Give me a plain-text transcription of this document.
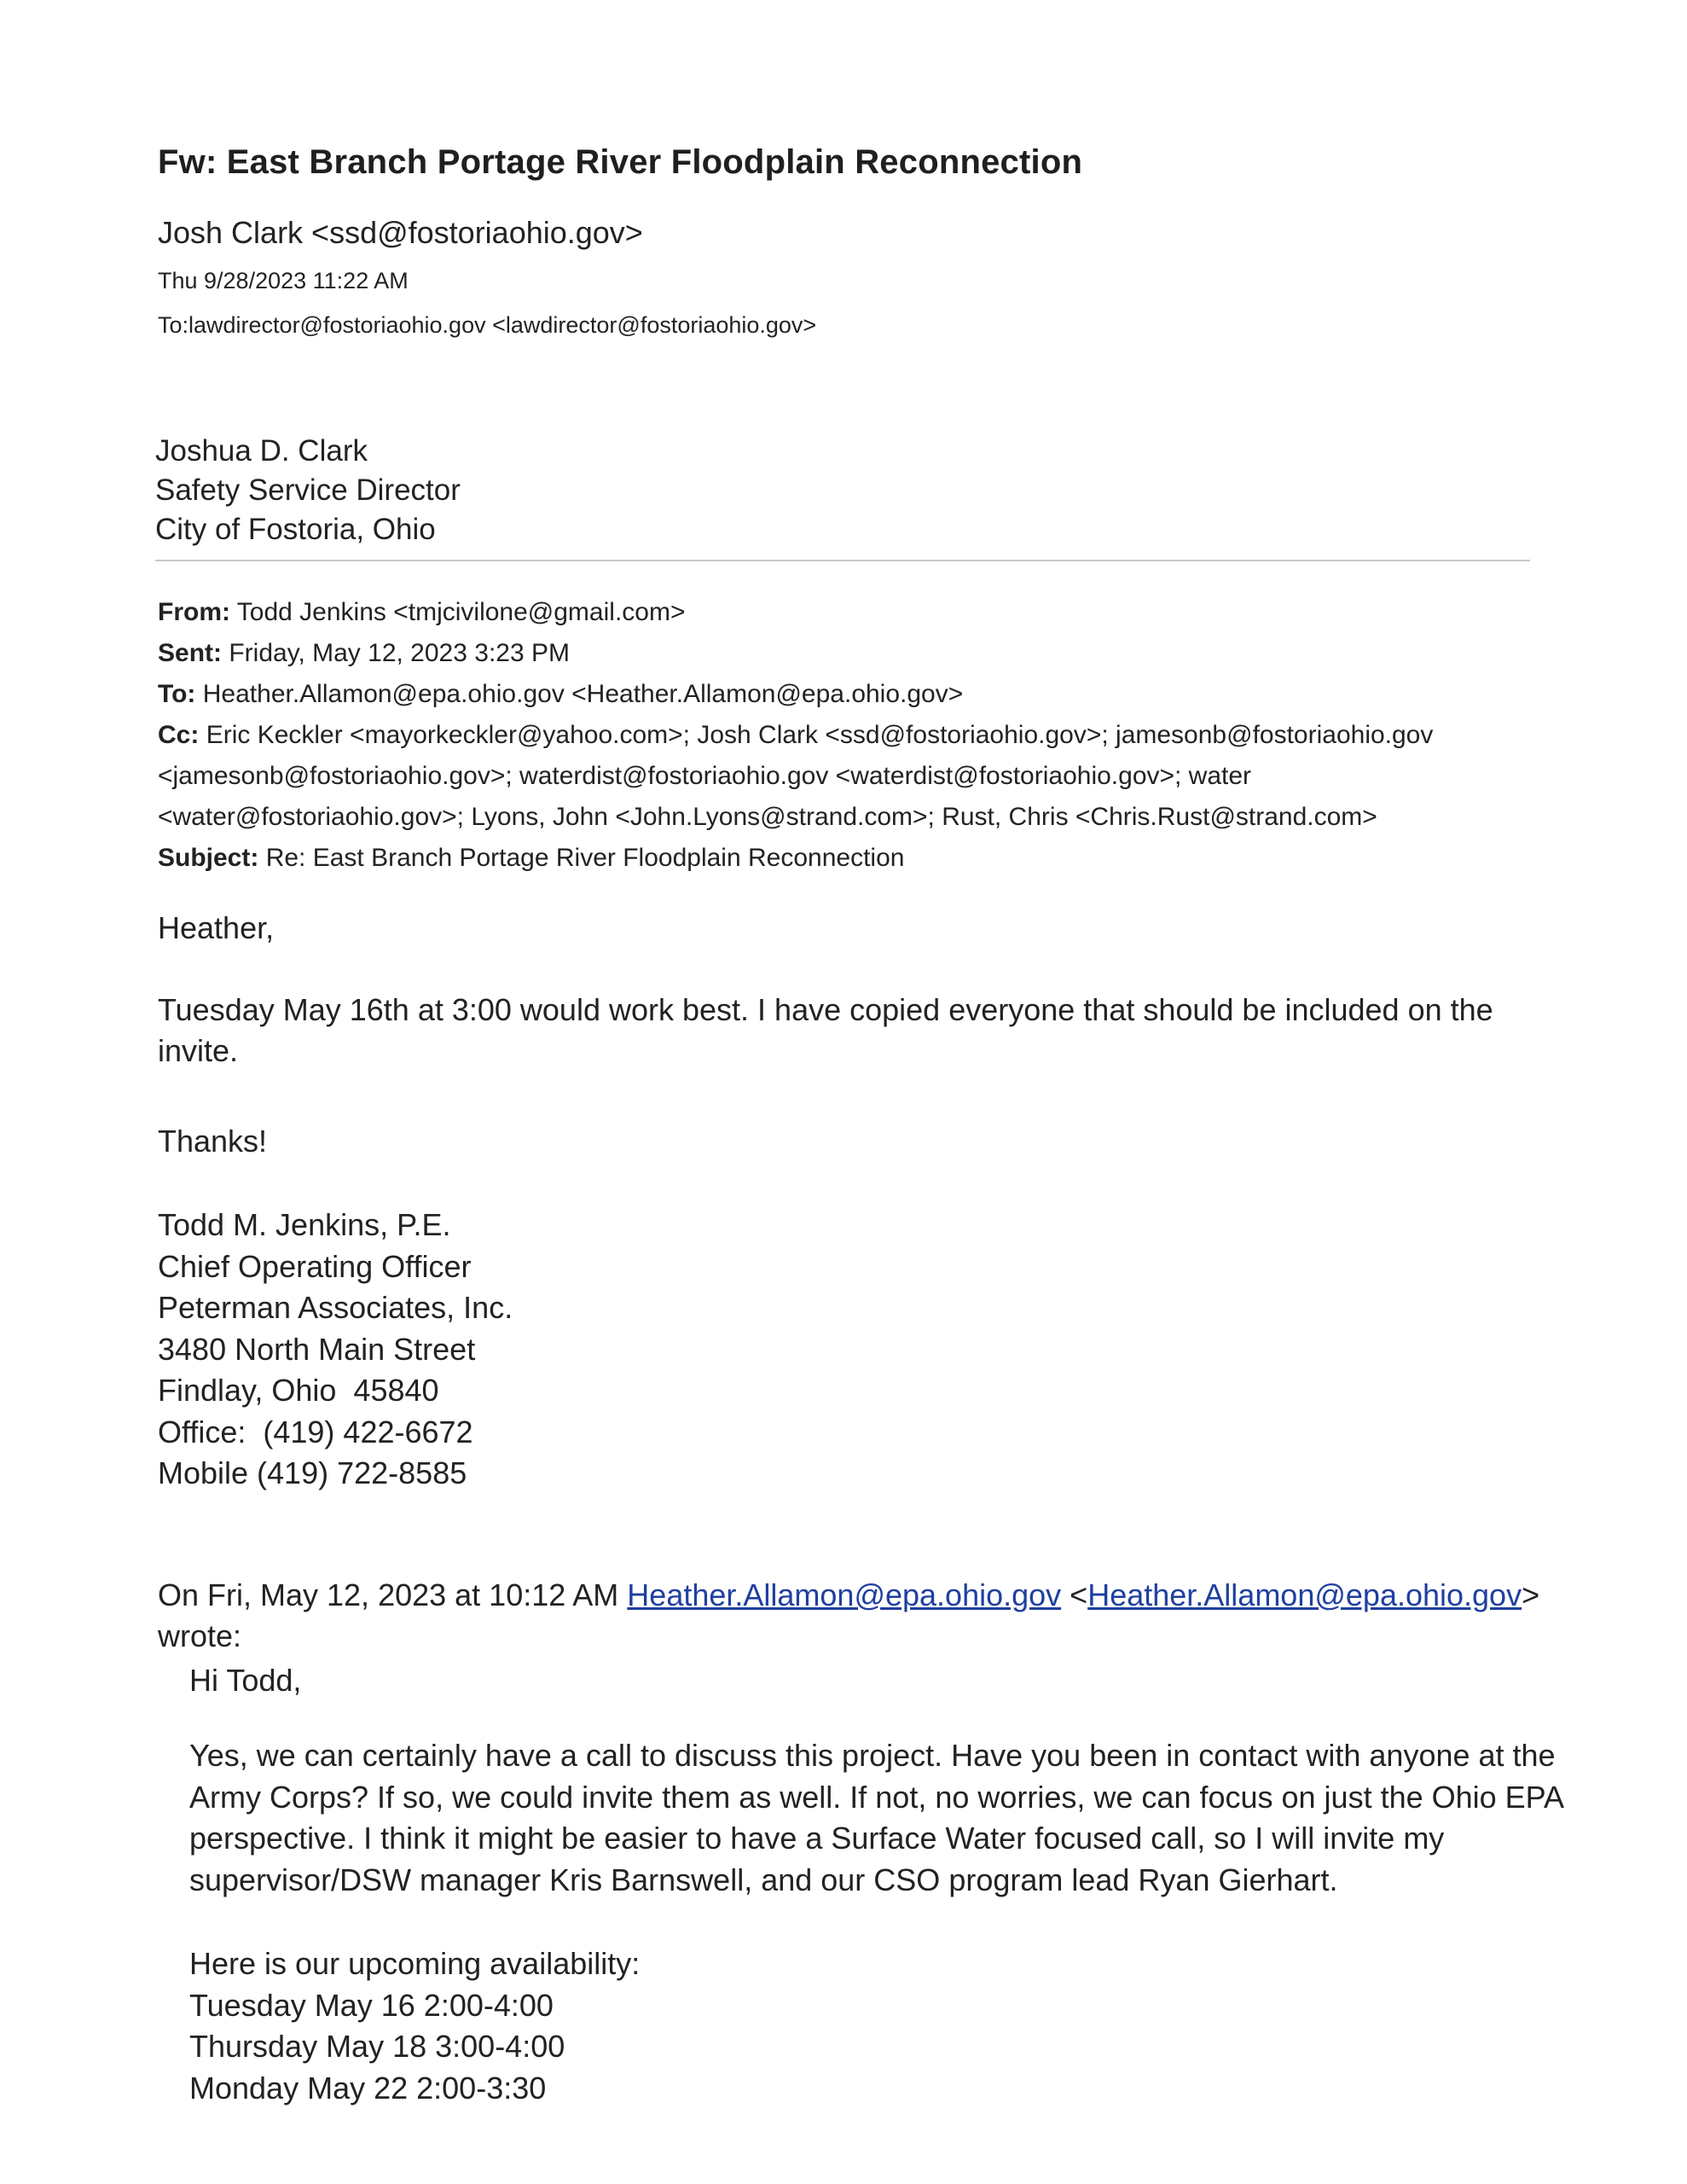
Fw: East Branch Portage River Floodplain Reconnection
Josh Clark <ssd@fostoriaohio.gov>
Thu 9/28/2023 11:22 AM
To:lawdirector@fostoriaohio.gov <lawdirector@fostoriaohio.gov>
Joshua D. Clark
Safety Service Director
City of Fostoria, Ohio
From: Todd Jenkins <tmjcivilone@gmail.com>
Sent: Friday, May 12, 2023 3:23 PM
To: Heather.Allamon@epa.ohio.gov <Heather.Allamon@epa.ohio.gov>
Cc: Eric Keckler <mayorkeckler@yahoo.com>; Josh Clark <ssd@fostoriaohio.gov>; jamesonb@fostoriaohio.gov
<jamesonb@fostoriaohio.gov>; waterdist@fostoriaohio.gov <waterdist@fostoriaohio.gov>; water
<water@fostoriaohio.gov>; Lyons, John <John.Lyons@strand.com>; Rust, Chris <Chris.Rust@strand.com>
Subject: Re: East Branch Portage River Floodplain Reconnection
Heather,
Tuesday May 16th at 3:00 would work best. I have copied everyone that should be included on the
invite.
Thanks!
Todd M. Jenkins, P.E.
Chief Operating Officer
Peterman Associates, Inc.
3480 North Main Street
Findlay, Ohio  45840
Office:  (419) 422-6672
Mobile (419) 722-8585
On Fri, May 12, 2023 at 10:12 AM Heather.Allamon@epa.ohio.gov <Heather.Allamon@epa.ohio.gov>
wrote:
Hi Todd,
Yes, we can certainly have a call to discuss this project. Have you been in contact with anyone at the
Army Corps? If so, we could invite them as well. If not, no worries, we can focus on just the Ohio EPA
perspective. I think it might be easier to have a Surface Water focused call, so I will invite my
supervisor/DSW manager Kris Barnswell, and our CSO program lead Ryan Gierhart.
Here is our upcoming availability:
Tuesday May 16 2:00-4:00
Thursday May 18 3:00-4:00
Monday May 22 2:00-3:30
